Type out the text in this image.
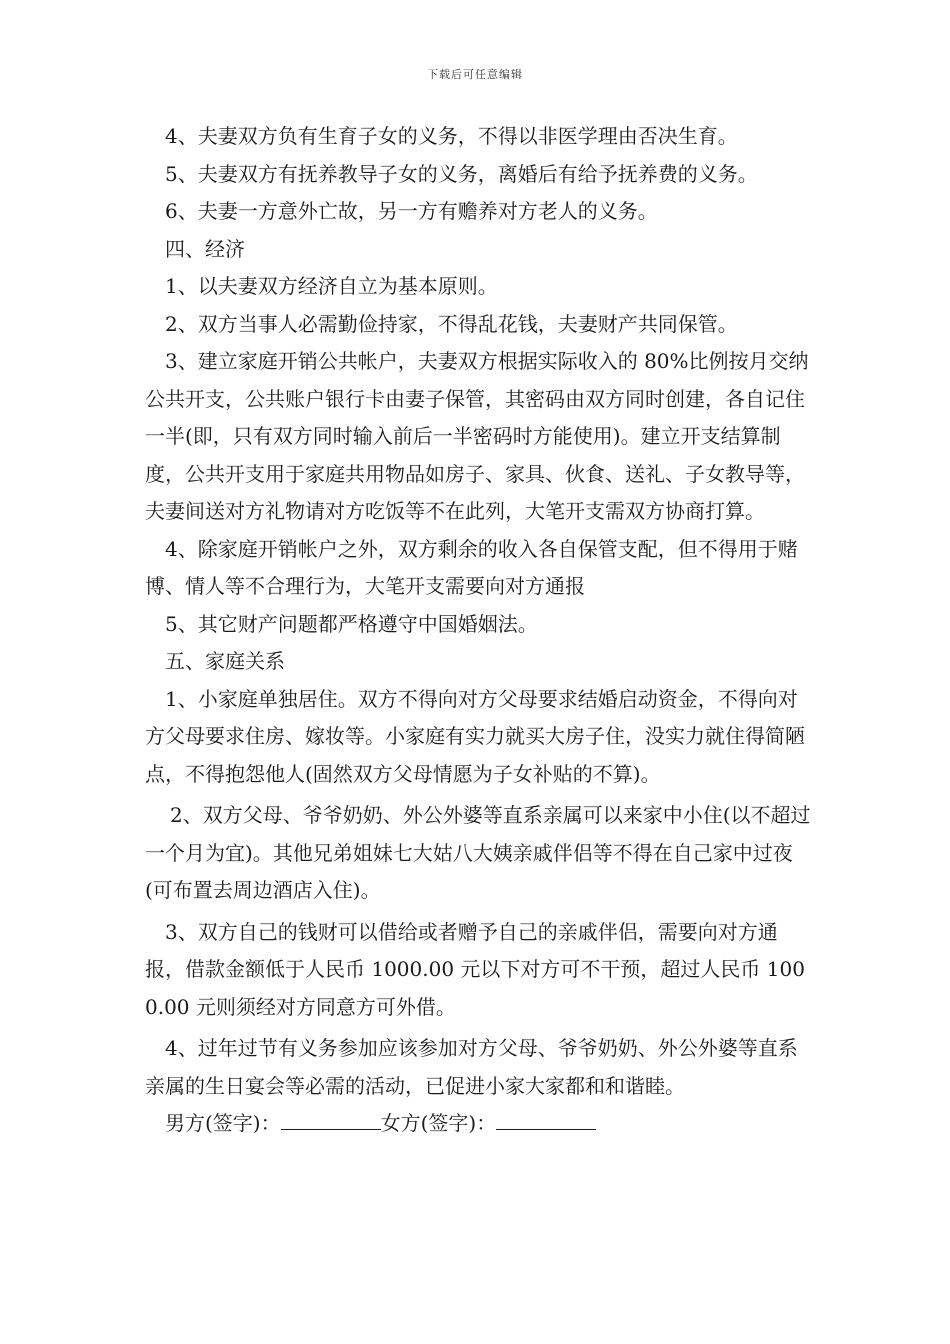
下载后可任意编辑

4、夫妻双方负有生育子女的义务，不得以非医学理由否决生育。

5、夫妻双方有抚养教导子女的义务，离婚后有给予抚养费的义务。

6、夫妻一方意外亡故，另一方有赡养对方老人的义务。

四、经济

1、以夫妻双方经济自立为基本原则。

2、双方当事人必需勤俭持家，不得乱花钱，夫妻财产共同保管。

3、建立家庭开销公共帐户，夫妻双方根据实际收入的 80%比例按月交纳公共开支，公共账户银行卡由妻子保管，其密码由双方同时创建，各自记住一半(即，只有双方同时输入前后一半密码时方能使用)。建立开支结算制度，公共开支用于家庭共用物品如房子、家具、伙食、送礼、子女教导等，夫妻间送对方礼物请对方吃饭等不在此列，大笔开支需双方协商打算。

4、除家庭开销帐户之外，双方剩余的收入各自保管支配，但不得用于赌博、情人等不合理行为，大笔开支需要向对方通报

5、其它财产问题都严格遵守中国婚姻法。

五、家庭关系

1、小家庭单独居住。双方不得向对方父母要求结婚启动资金，不得向对方父母要求住房、嫁妆等。小家庭有实力就买大房子住，没实力就住得简陋点，不得抱怨他人(固然双方父母情愿为子女补贴的不算)。

2、双方父母、爷爷奶奶、外公外婆等直系亲属可以来家中小住(以不超过一个月为宜)。其他兄弟姐妹七大姑八大姨亲戚伴侣等不得在自己家中过夜(可布置去周边酒店入住)。

3、双方自己的钱财可以借给或者赠予自己的亲戚伴侣，需要向对方通报，借款金额低于人民币 1000.00 元以下对方可不干预，超过人民币 1000.00 元则须经对方同意方可外借。

4、过年过节有义务参加应该参加对方父母、爷爷奶奶、外公外婆等直系亲属的生日宴会等必需的活动，已促进小家大家都和和谐睦。

男方(签字)：	女方(签字)：
